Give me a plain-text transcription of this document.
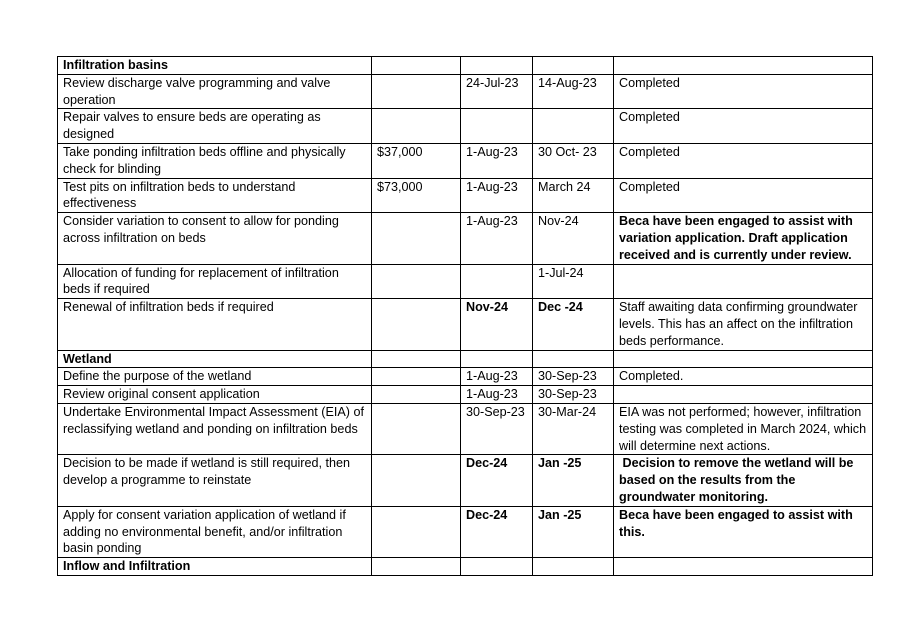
Infiltration basins				
Review discharge valve programming and valve operation		24-Jul-23	14-Aug-23	Completed
Repair valves to ensure beds are operating as designed				Completed
Take ponding infiltration beds offline and physically check for blinding	$37,000	1-Aug-23	30 Oct- 23	Completed
Test pits on infiltration beds to understand effectiveness	$73,000	1-Aug-23	March 24	Completed
Consider variation to consent to allow for ponding across infiltration on beds		1-Aug-23	Nov-24	Beca have been engaged to assist with variation application. Draft application received and is currently under review.
Allocation of funding for replacement of infiltration beds if required			1-Jul-24	
Renewal of infiltration beds if required		Nov-24	Dec -24	Staff awaiting data confirming groundwater levels. This has an affect on the infiltration beds performance.
Wetland				
Define the purpose of the wetland		1-Aug-23	30-Sep-23	Completed.
Review original consent application		1-Aug-23	30-Sep-23	
Undertake Environmental Impact Assessment (EIA) of reclassifying wetland and ponding on infiltration beds		30-Sep-23	30-Mar-24	EIA was not performed; however, infiltration testing was completed in March 2024, which will determine next actions.
Decision to be made if wetland is still required, then develop a programme to reinstate		Dec-24	Jan -25	Decision to remove the wetland will be based on the results from the groundwater monitoring.
Apply for consent variation application of wetland if adding no environmental benefit, and/or infiltration basin ponding		Dec-24	Jan -25	Beca have been engaged to assist with this.
Inflow and Infiltration				
